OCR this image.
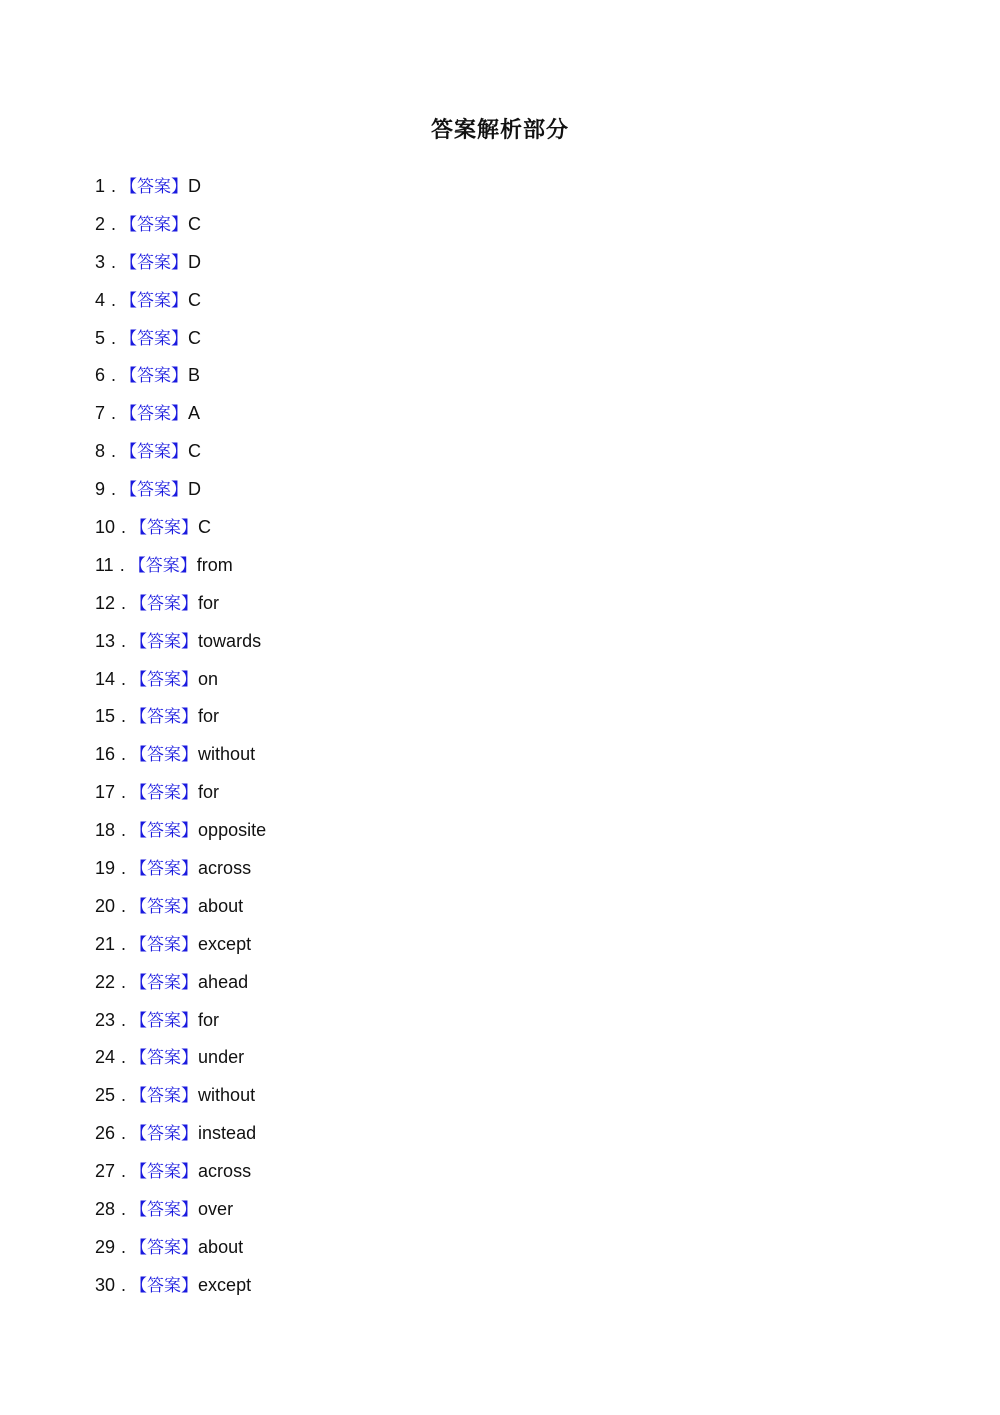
答案解析部分
1 . 【答案】D
2 . 【答案】C
3 . 【答案】D
4 . 【答案】C
5 . 【答案】C
6 . 【答案】B
7 . 【答案】A
8 . 【答案】C
9 . 【答案】D
10 . 【答案】C
11 . 【答案】from
12 . 【答案】for
13 . 【答案】towards
14 . 【答案】on
15 . 【答案】for
16 . 【答案】without
17 . 【答案】for
18 . 【答案】opposite
19 . 【答案】across
20 . 【答案】about
21 . 【答案】except
22 . 【答案】ahead
23 . 【答案】for
24 . 【答案】under
25 . 【答案】without
26 . 【答案】instead
27 . 【答案】across
28 . 【答案】over
29 . 【答案】about
30 . 【答案】except
